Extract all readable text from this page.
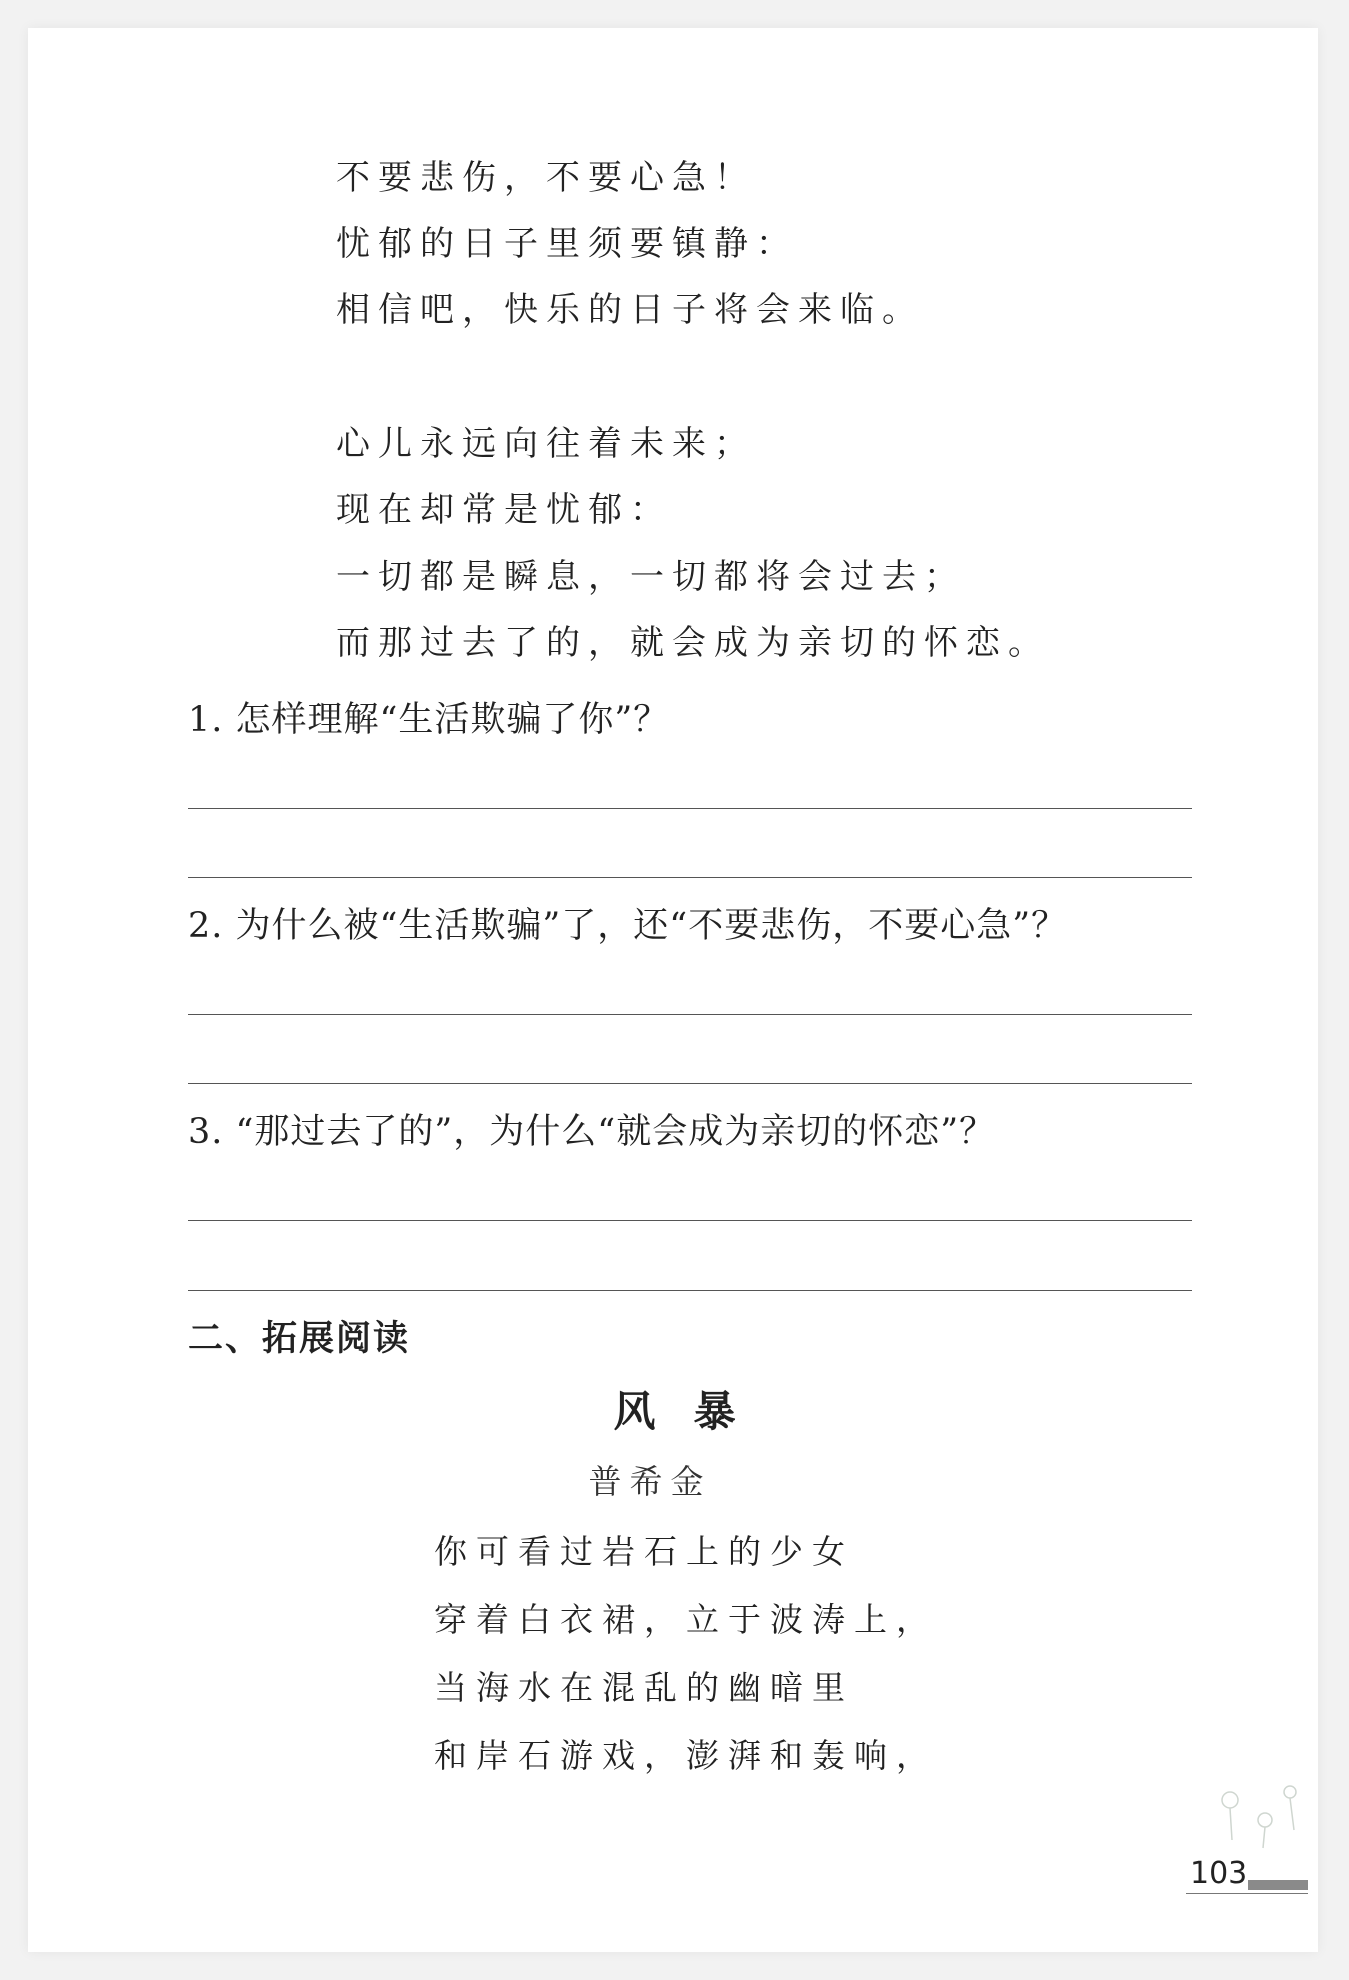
不要悲伤，不要心急！
忧郁的日子里须要镇静：
相信吧，快乐的日子将会来临。
心儿永远向往着未来；
现在却常是忧郁：
一切都是瞬息，一切都将会过去；
而那过去了的，就会成为亲切的怀恋。
1. 怎样理解“生活欺骗了你”？
2. 为什么被“生活欺骗”了，还“不要悲伤，不要心急”？
3. “那过去了的”，为什么“就会成为亲切的怀恋”？
二、拓展阅读
风暴
普希金
你可看过岩石上的少女
穿着白衣裙，立于波涛上，
当海水在混乱的幽暗里
和岸石游戏，澎湃和轰响，
103
